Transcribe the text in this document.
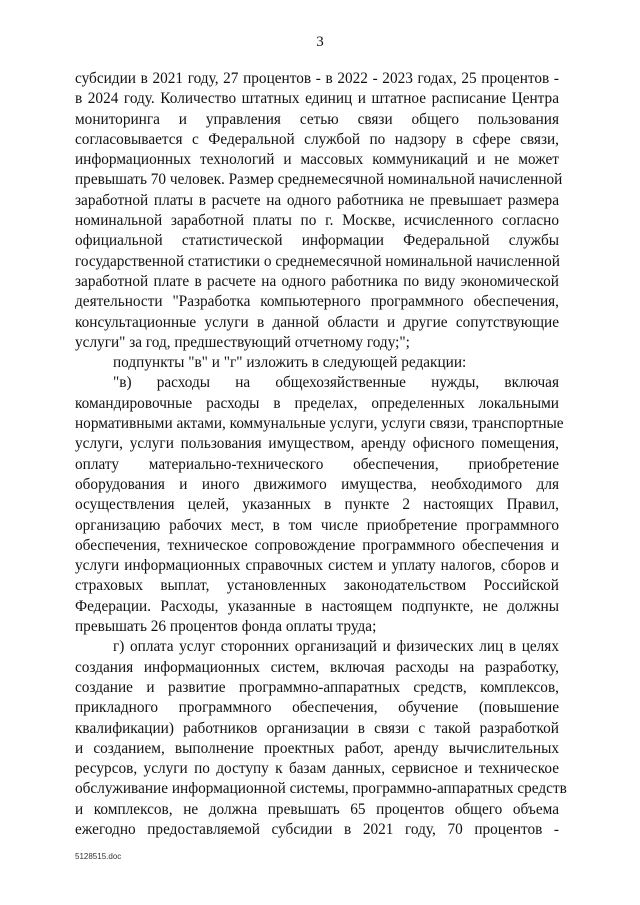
3
субсидии в 2021 году, 27 процентов - в 2022 - 2023 годах, 25 процентов -
в 2024 году. Количество штатных единиц и штатное расписание Центра
мониторинга и управления сетью связи общего пользования
согласовывается с Федеральной службой по надзору в сфере связи,
информационных технологий и массовых коммуникаций и не может
превышать 70 человек. Размер среднемесячной номинальной начисленной
заработной платы в расчете на одного работника не превышает размера
номинальной заработной платы по г. Москве, исчисленного согласно
официальной статистической информации Федеральной службы
государственной статистики о среднемесячной номинальной начисленной
заработной плате в расчете на одного работника по виду экономической
деятельности "Разработка компьютерного программного обеспечения,
консультационные услуги в данной области и другие сопутствующие
услуги" за год, предшествующий отчетному году;";
подпункты "в" и "г" изложить в следующей редакции:
"в) расходы на общехозяйственные нужды, включая
командировочные расходы в пределах, определенных локальными
нормативными актами, коммунальные услуги, услуги связи, транспортные
услуги, услуги пользования имуществом, аренду офисного помещения,
оплату материально-технического обеспечения, приобретение
оборудования и иного движимого имущества, необходимого для
осуществления целей, указанных в пункте 2 настоящих Правил,
организацию рабочих мест, в том числе приобретение программного
обеспечения, техническое сопровождение программного обеспечения и
услуги информационных справочных систем и уплату налогов, сборов и
страховых выплат, установленных законодательством Российской
Федерации. Расходы, указанные в настоящем подпункте, не должны
превышать 26 процентов фонда оплаты труда;
г) оплата услуг сторонних организаций и физических лиц в целях
создания информационных систем, включая расходы на разработку,
создание и развитие программно-аппаратных средств, комплексов,
прикладного программного обеспечения, обучение (повышение
квалификации) работников организации в связи с такой разработкой
и созданием, выполнение проектных работ, аренду вычислительных
ресурсов, услуги по доступу к базам данных, сервисное и техническое
обслуживание информационной системы, программно-аппаратных средств
и комплексов, не должна превышать 65 процентов общего объема
ежегодно предоставляемой субсидии в 2021 году, 70 процентов -
5128515.doc
